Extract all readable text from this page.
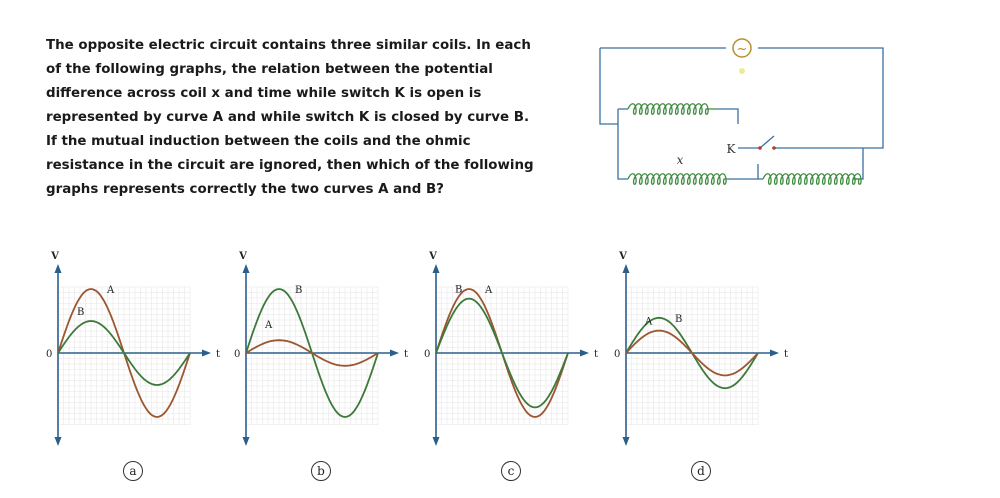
The opposite electric circuit contains three similar coils. In each
of the following graphs, the relation between the potential
difference across coil x and time while switch K is open is
represented by curve A and while switch K is closed by curve B.
If the mutual induction between the coils and the ohmic
resistance in the circuit are ignored, then which of the following
graphs represents correctly the two curves A and B?
~
x
K
V
t
0
A
B
V
t
0
B
A
V
t
0
A
B
V
t
0
B
A
a	b	c	d
